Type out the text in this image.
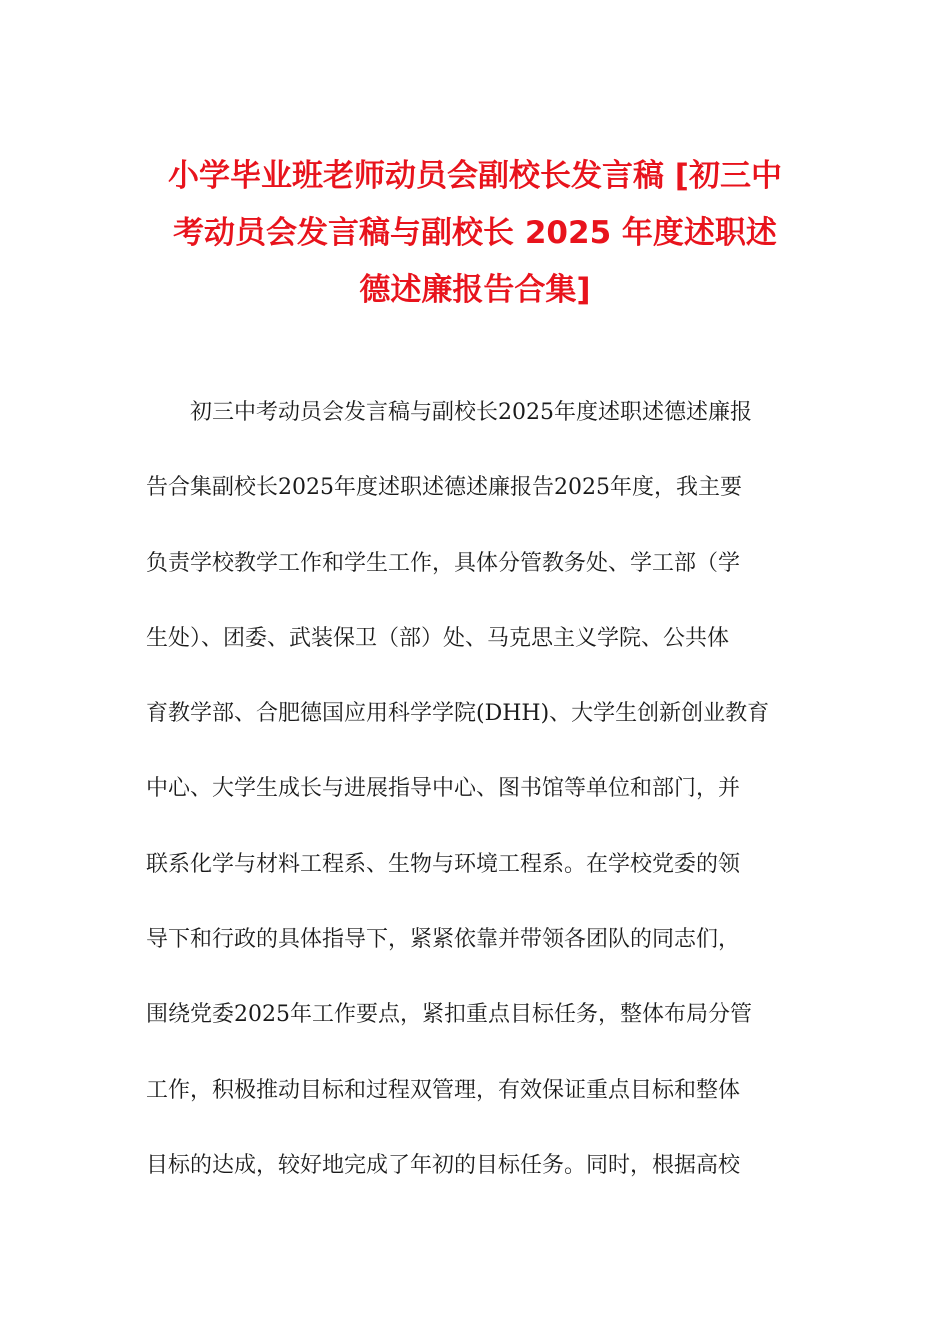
小学毕业班老师动员会副校长发言稿 [初三中
考动员会发言稿与副校长 2025 年度述职述
德述廉报告合集]
初三中考动员会发言稿与副校长2025年度述职述德述廉报
告合集副校长2025年度述职述德述廉报告2025年度，我主要
负责学校教学工作和学生工作，具体分管教务处、学工部（学
生处）、团委、武装保卫（部）处、马克思主义学院、公共体
育教学部、合肥德国应用科学学院(DHH)、大学生创新创业教育
中心、大学生成长与进展指导中心、图书馆等单位和部门，并
联系化学与材料工程系、生物与环境工程系。在学校党委的领
导下和行政的具体指导下，紧紧依靠并带领各团队的同志们，
围绕党委2025年工作要点，紧扣重点目标任务，整体布局分管
工作，积极推动目标和过程双管理，有效保证重点目标和整体
目标的达成，较好地完成了年初的目标任务。同时，根据高校
